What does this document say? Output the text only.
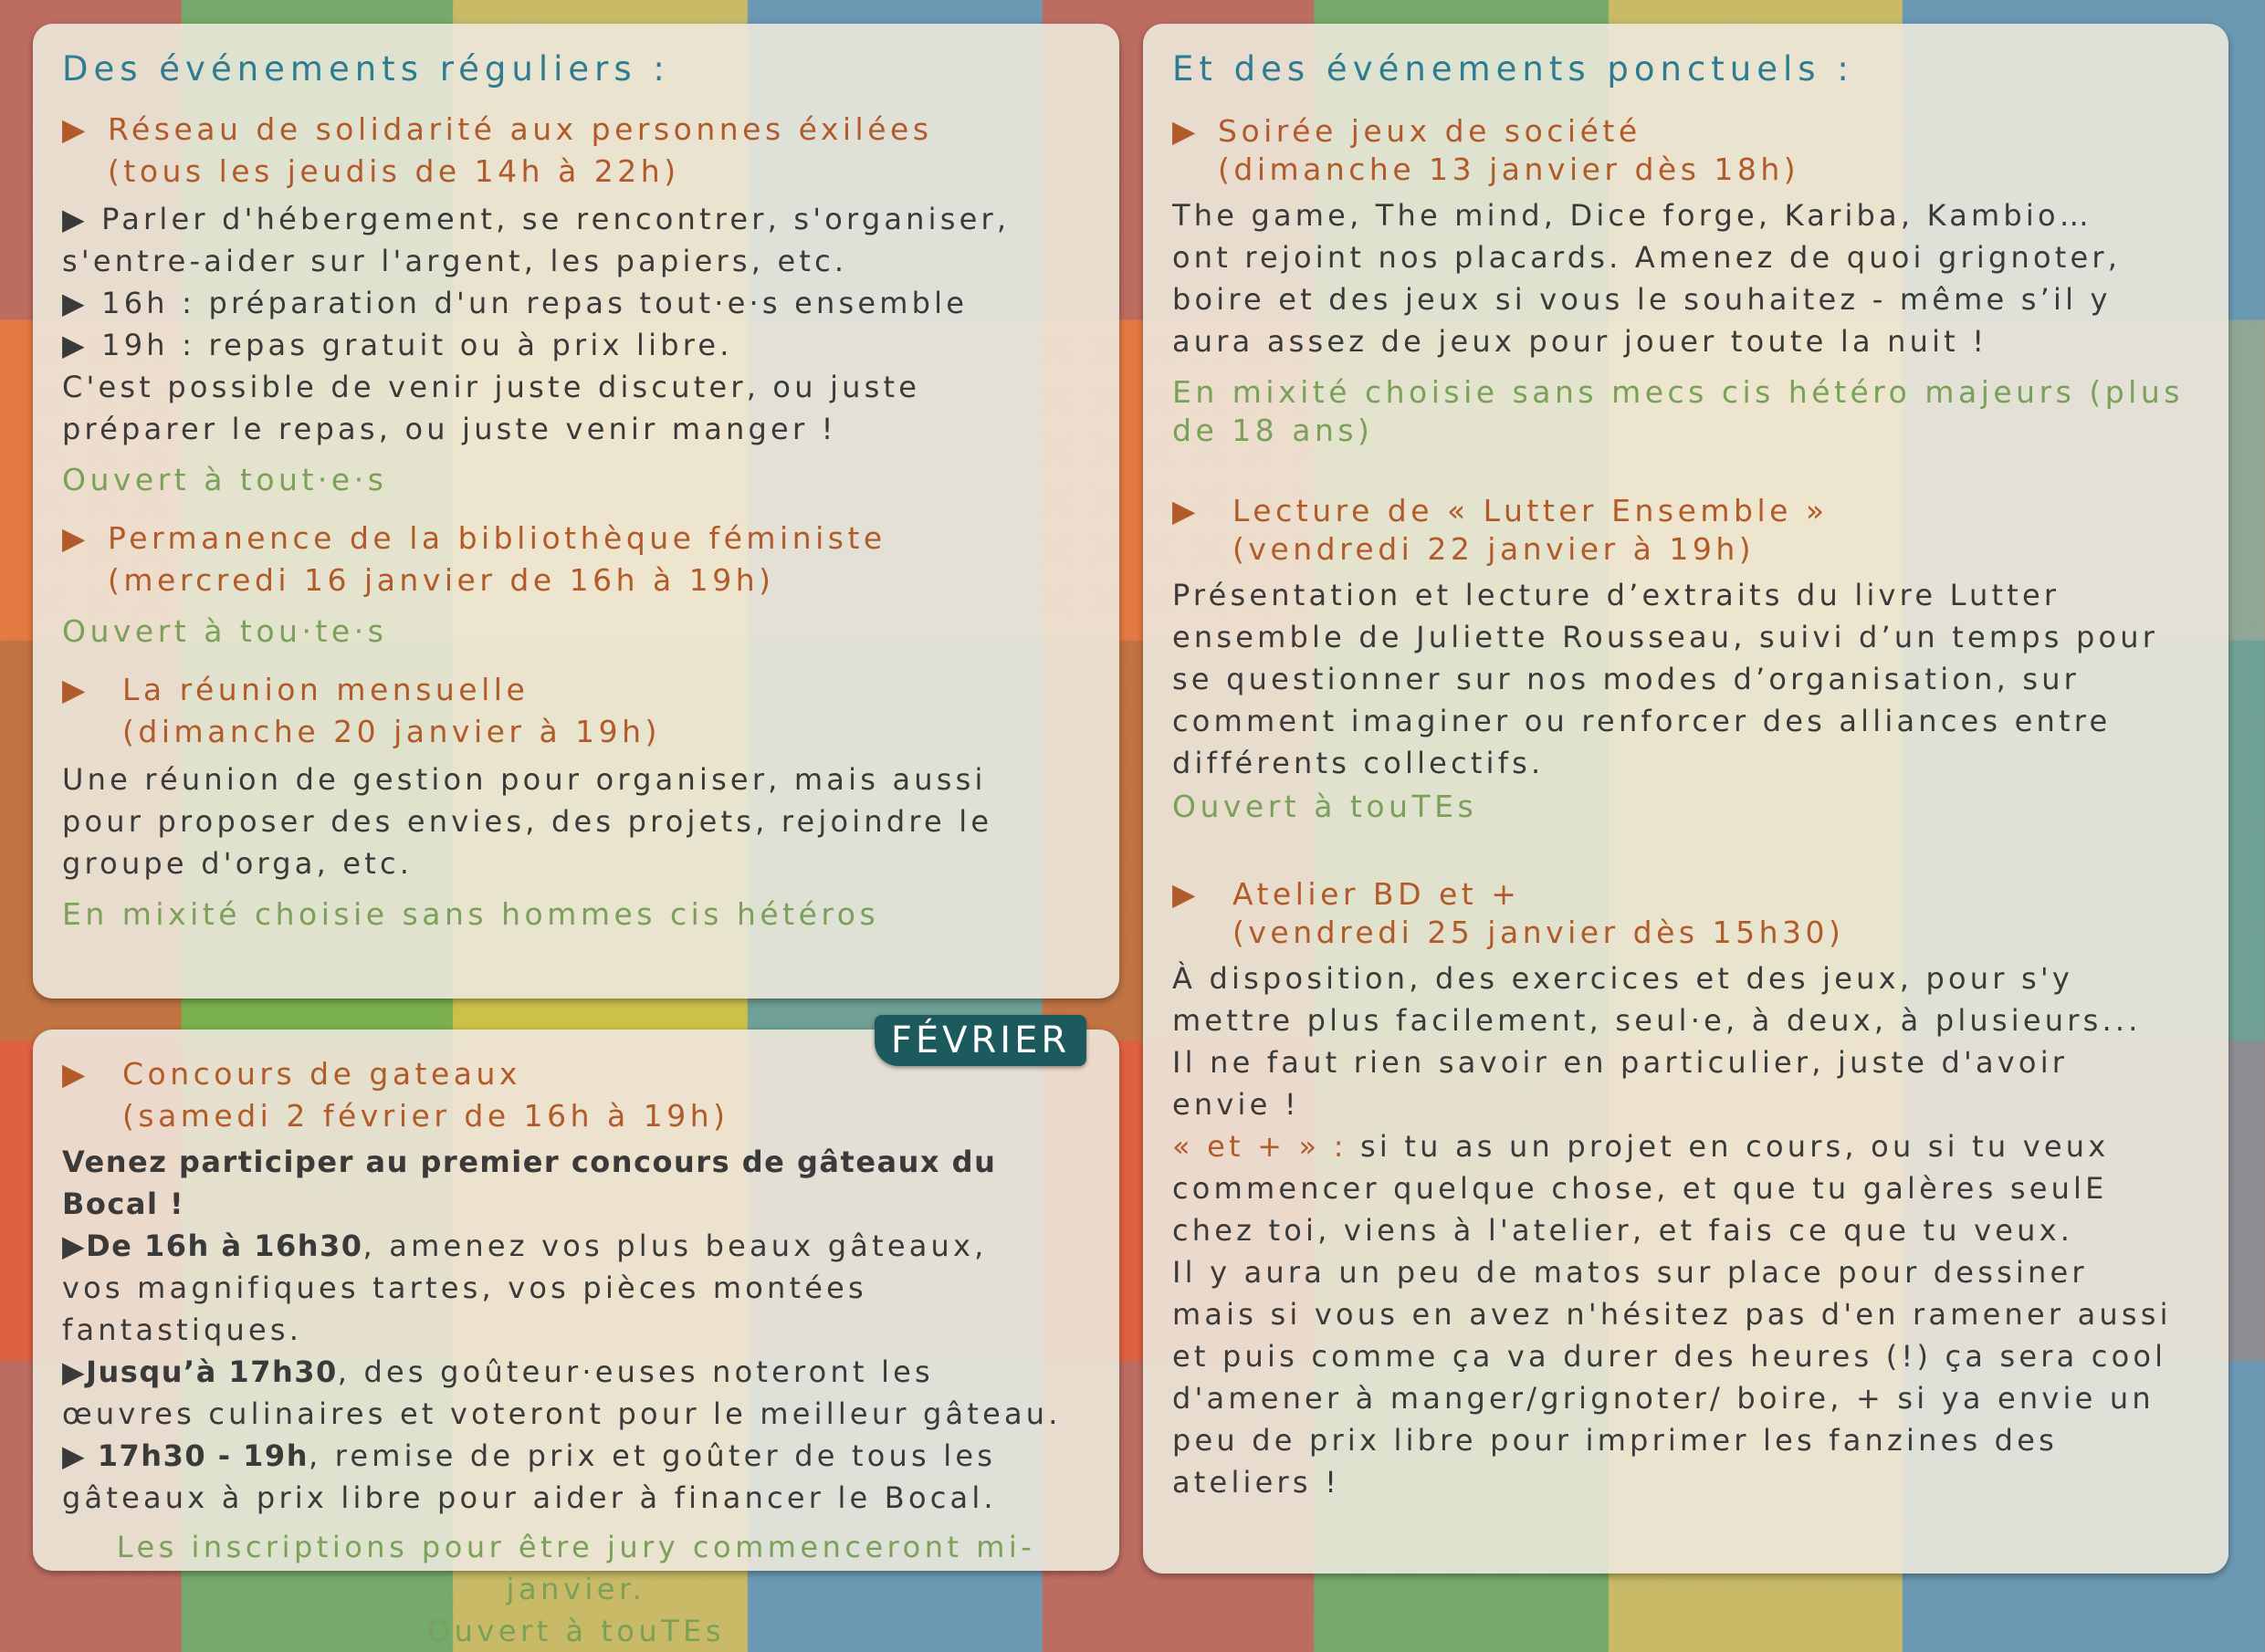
Des événements réguliers :
▶ Réseau de solidarité aux personnes éxilées
(tous les jeudis de 14h à 22h)
▶ Parler d'hébergement, se rencontrer, s'organiser,
s'entre-aider sur l'argent, les papiers, etc.
▶ 16h : préparation d'un repas tout·e·s ensemble
▶ 19h : repas gratuit ou à prix libre.
C'est possible de venir juste discuter, ou juste
préparer le repas, ou juste venir manger !
Ouvert à tout·e·s
▶ Permanence de la bibliothèque féministe
(mercredi 16 janvier de 16h à 19h)
Ouvert à tou·te·s
▶ La réunion mensuelle
(dimanche 20 janvier à 19h)
Une réunion de gestion pour organiser, mais aussi
pour proposer des envies, des projets, rejoindre le
groupe d'orga, etc.
En mixité choisie sans hommes cis hétéros
▶ Concours de gateaux
(samedi 2 février de 16h à 19h)
Venez participer au premier concours de gâteaux du Bocal !
▶De 16h à 16h30, amenez vos plus beaux gâteaux,
vos magnifiques tartes, vos pièces montées
fantastiques.
▶Jusqu’à 17h30, des goûteur·euses noteront les
œuvres culinaires et voteront pour le meilleur gâteau.
▶ 17h30 - 19h, remise de prix et goûter de tous les
gâteaux à prix libre pour aider à financer le Bocal.
Les inscriptions pour être jury commenceront mi-janvier.
Ouvert à touTEs
FÉVRIER
Et des événements ponctuels :
▶ Soirée jeux de société
(dimanche 13 janvier dès 18h)
The game, The mind, Dice forge, Kariba, Kambio…
ont rejoint nos placards. Amenez de quoi grignoter,
boire et des jeux si vous le souhaitez - même s’il y
aura assez de jeux pour jouer toute la nuit !
En mixité choisie sans mecs cis hétéro majeurs (plus de 18 ans)
▶ Lecture de « Lutter Ensemble »
(vendredi 22 janvier à 19h)
Présentation et lecture d’extraits du livre Lutter
ensemble de Juliette Rousseau, suivi d’un temps pour
se questionner sur nos modes d’organisation, sur
comment imaginer ou renforcer des alliances entre
différents collectifs.
Ouvert à touTEs
▶ Atelier BD et +
(vendredi 25 janvier dès 15h30)
À disposition, des exercices et des jeux, pour s'y
mettre plus facilement, seul·e, à deux, à plusieurs...
Il ne faut rien savoir en particulier, juste d'avoir
envie !
« et + » : si tu as un projet en cours, ou si tu veux
commencer quelque chose, et que tu galères seulE
chez toi, viens à l'atelier, et fais ce que tu veux.
Il y aura un peu de matos sur place pour dessiner
mais si vous en avez n'hésitez pas d'en ramener aussi
et puis comme ça va durer des heures (!) ça sera cool
d'amener à manger/grignoter/ boire, + si ya envie un
peu de prix libre pour imprimer les fanzines des
ateliers !
